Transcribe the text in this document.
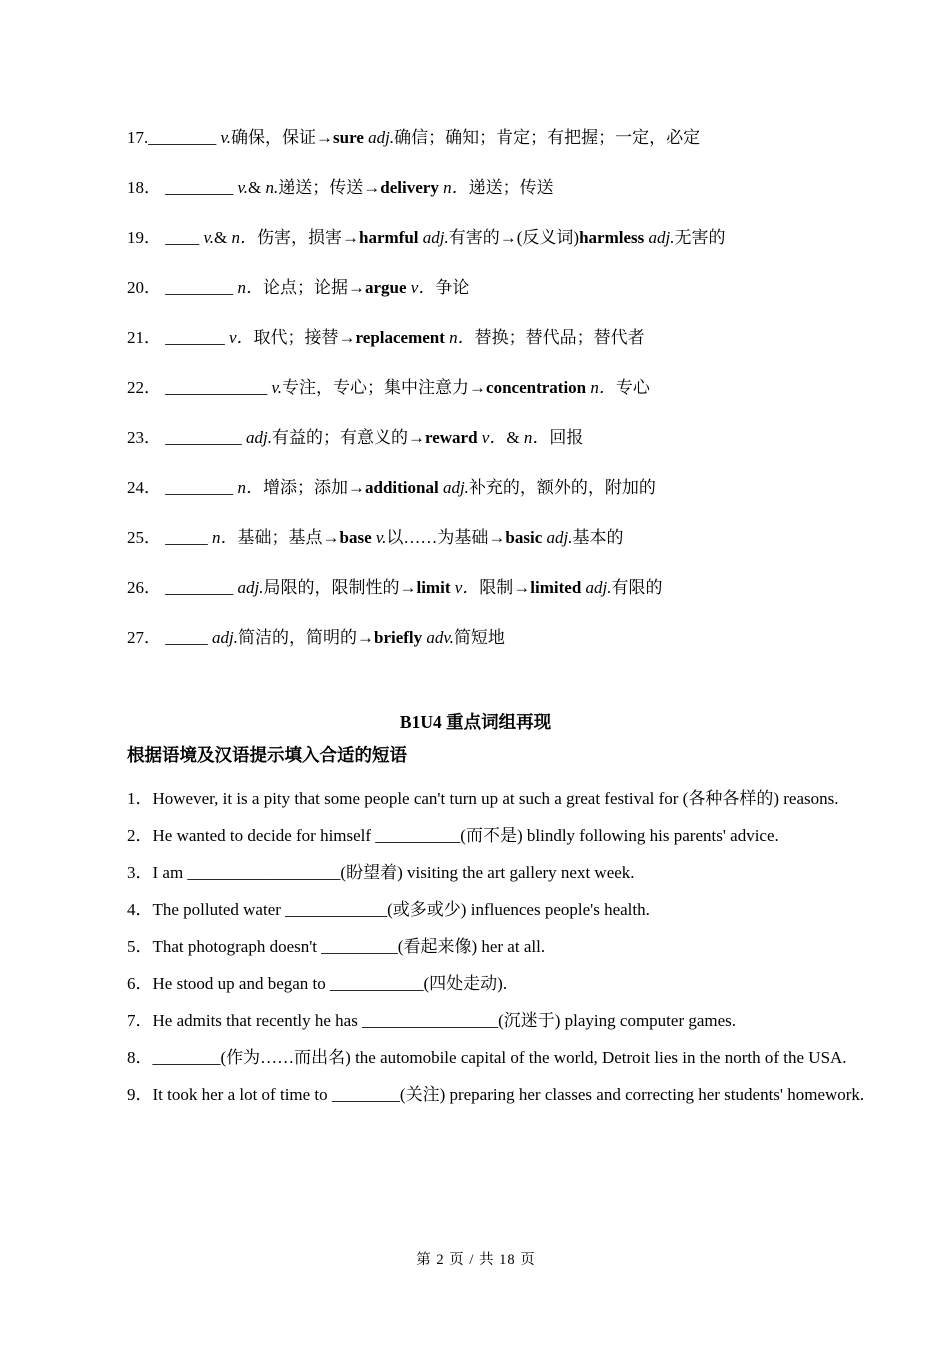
17.________ v.确保，保证→sure adj.确信；确知；肯定；有把握；一定，必定
18． ________ v.& n.递送；传送→delivery n．递送；传送
19． ____ v.& n．伤害，损害→harmful adj.有害的→(反义词)harmless adj.无害的
20． ________ n．论点；论据→argue v．争论
21． _______ v．取代；接替→replacement n．替换；替代品；替代者
22． ____________ v.专注，专心；集中注意力→concentration n．专心
23． _________ adj.有益的；有意义的→reward v．& n．回报
24． ________ n．增添；添加→additional adj.补充的，额外的，附加的
25． _____ n．基础；基点→base v.以……为基础→basic adj.基本的
26． ________ adj.局限的，限制性的→limit v．限制→limited adj.有限的
27． _____ adj.简洁的，简明的→briefly adv.简短地
B1U4 重点词组再现
根据语境及汉语提示填入合适的短语

1．However, it is a pity that some people can't turn up at such a great festival for (各种各样的) reasons.

2．He wanted to decide for himself __________(而不是) blindly following his parents' advice.

3．I am __________________(盼望着) visiting the art gallery next week.

4．The polluted water ____________(或多或少) influences people's health.

5．That photograph doesn't _________(看起来像) her at all.

6．He stood up and began to ___________(四处走动).

7．He admits that recently he has ________________(沉迷于) playing computer games.

8．________(作为……而出名) the automobile capital of the world, Detroit lies in the north of the USA.

9．It took her a lot of time to ________(关注) preparing her classes and correcting her students' homework.

第 2 页 / 共 18 页
